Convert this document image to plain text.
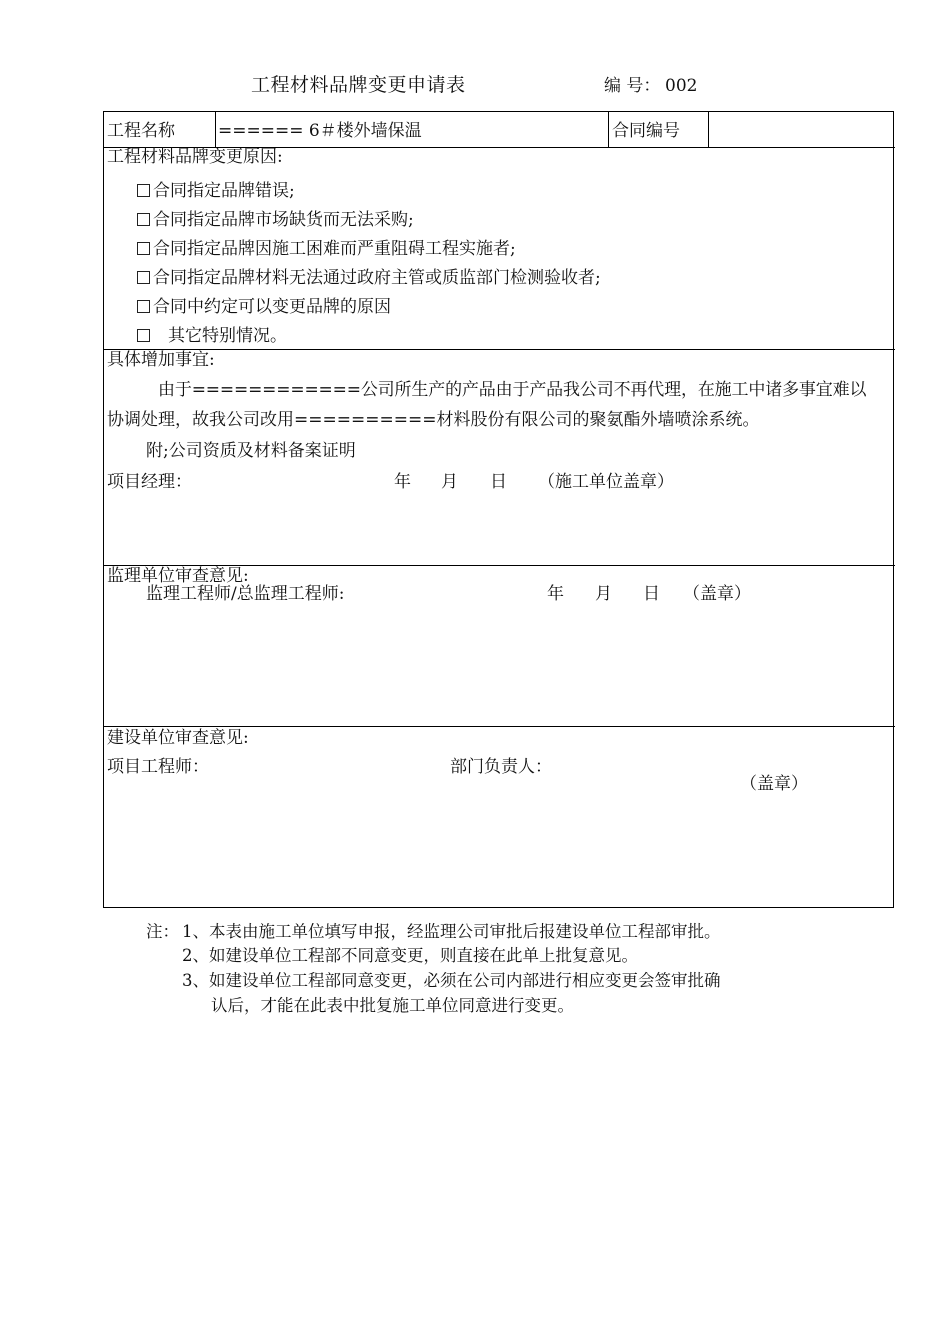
工程材料品牌变更申请表	编 号： 002
工程名称	====== 6＃楼外墙保温	合同编号
工程材料品牌变更原因:
合同指定品牌错误;
合同指定品牌市场缺货而无法采购;
合同指定品牌因施工困难而严重阻碍工程实施者;
合同指定品牌材料无法通过政府主管或质监部门检测验收者;
合同中约定可以变更品牌的原因
其它特别情况。
具体增加事宜:
由于============公司所生产的产品由于产品我公司不再代理，在施工中诸多事宜难以
协调处理，故我公司改用==========材料股份有限公司的聚氨酯外墙喷涂系统。
附;公司资质及材料备案证明
项目经理：	年 月 日 （施工单位盖章）
监理单位审查意见:
监理工程师/总监理工程师:	年 月 日 （盖章）
建设单位审查意见:
项目工程师：	部门负责人：
（盖章）
注： 1、本表由施工单位填写申报，经监理公司审批后报建设单位工程部审批。
2、如建设单位工程部不同意变更，则直接在此单上批复意见。
3、如建设单位工程部同意变更，必须在公司内部进行相应变更会签审批确
认后，才能在此表中批复施工单位同意进行变更。
